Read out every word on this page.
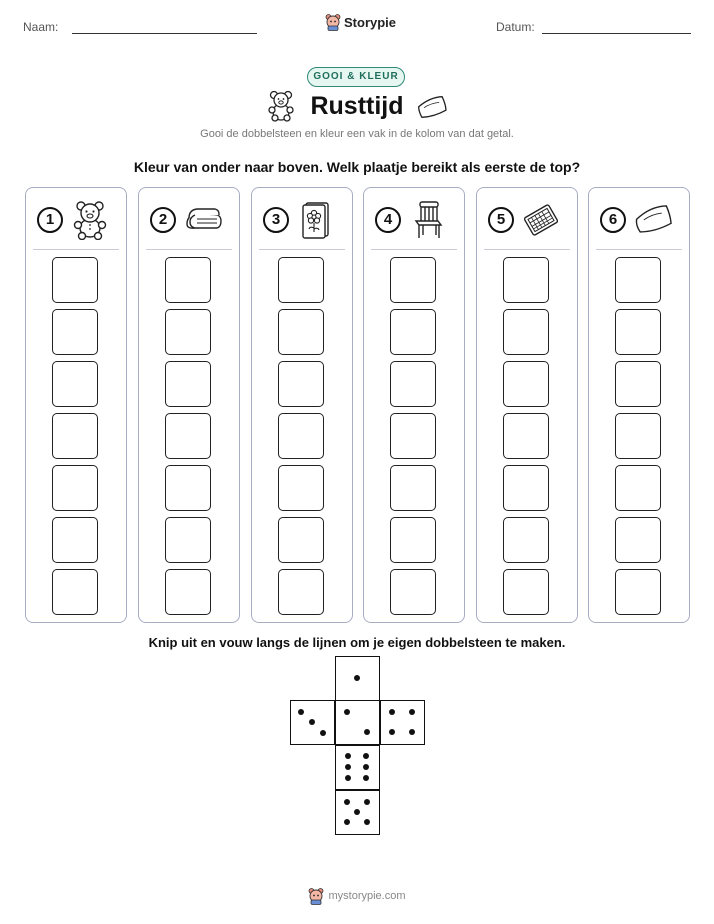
Naam:	Storypie	Datum:
GOOI & KLEUR
Rusttijd
Gooi de dobbelsteen en kleur een vak in de kolom van dat getal.
Kleur van onder naar boven. Welk plaatje bereikt als eerste de top?
1	2	3	4	5	6
Knip uit en vouw langs de lijnen om je eigen dobbelsteen te maken.
mystorypie.com
